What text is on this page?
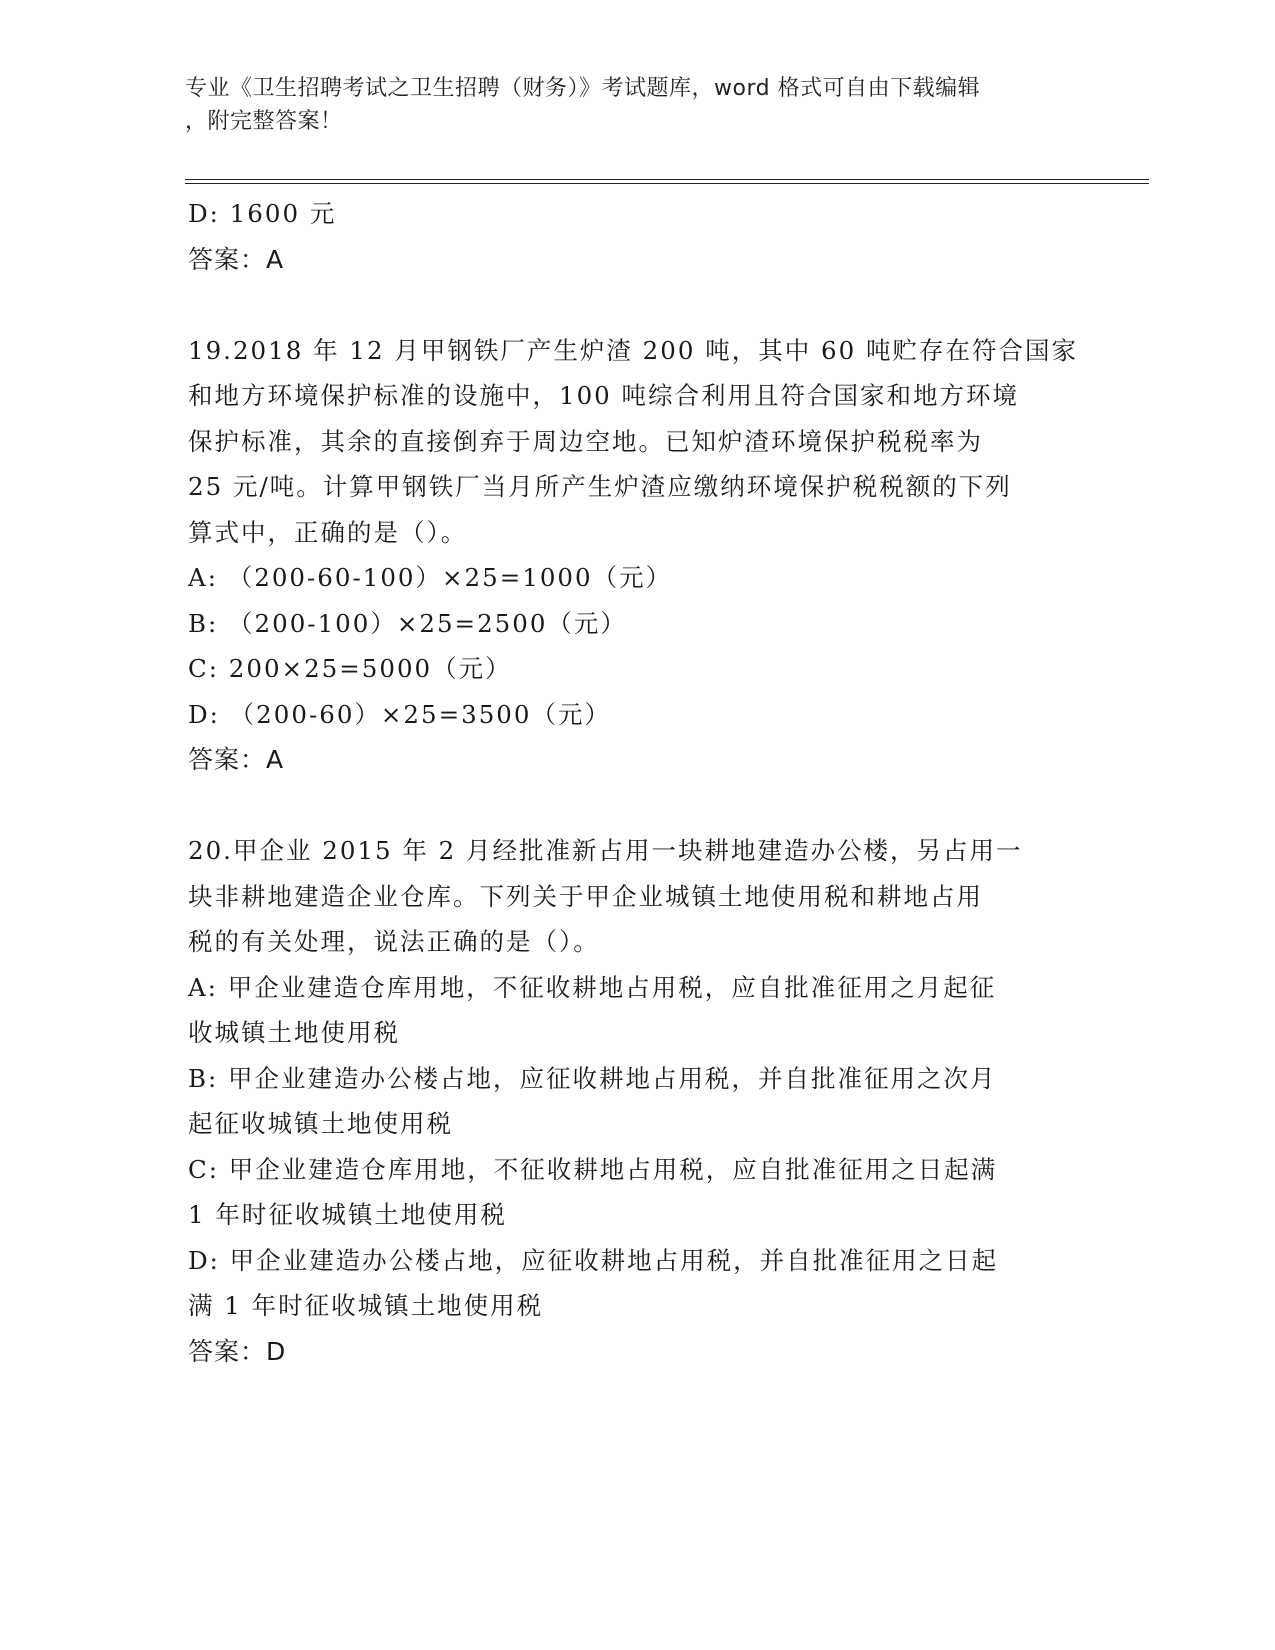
专业《卫生招聘考试之卫生招聘（财务）》考试题库，word 格式可自由下载编辑
，附完整答案！
D: 1600 元
答案：A
19.2018 年 12 月甲钢铁厂产生炉渣 200 吨，其中 60 吨贮存在符合国家
和地方环境保护标准的设施中，100 吨综合利用且符合国家和地方环境
保护标准，其余的直接倒弃于周边空地。已知炉渣环境保护税税率为
25 元/吨。计算甲钢铁厂当月所产生炉渣应缴纳环境保护税税额的下列
算式中，正确的是（）。
A: （200-60-100）×25=1000（元）
B: （200-100）×25=2500（元）
C: 200×25=5000（元）
D: （200-60）×25=3500（元）
答案：A
20.甲企业 2015 年 2 月经批准新占用一块耕地建造办公楼，另占用一
块非耕地建造企业仓库。下列关于甲企业城镇土地使用税和耕地占用
税的有关处理，说法正确的是（）。
A: 甲企业建造仓库用地，不征收耕地占用税，应自批准征用之月起征
收城镇土地使用税
B: 甲企业建造办公楼占地，应征收耕地占用税，并自批准征用之次月
起征收城镇土地使用税
C: 甲企业建造仓库用地，不征收耕地占用税，应自批准征用之日起满
1 年时征收城镇土地使用税
D: 甲企业建造办公楼占地，应征收耕地占用税，并自批准征用之日起
满 1 年时征收城镇土地使用税
答案：D
